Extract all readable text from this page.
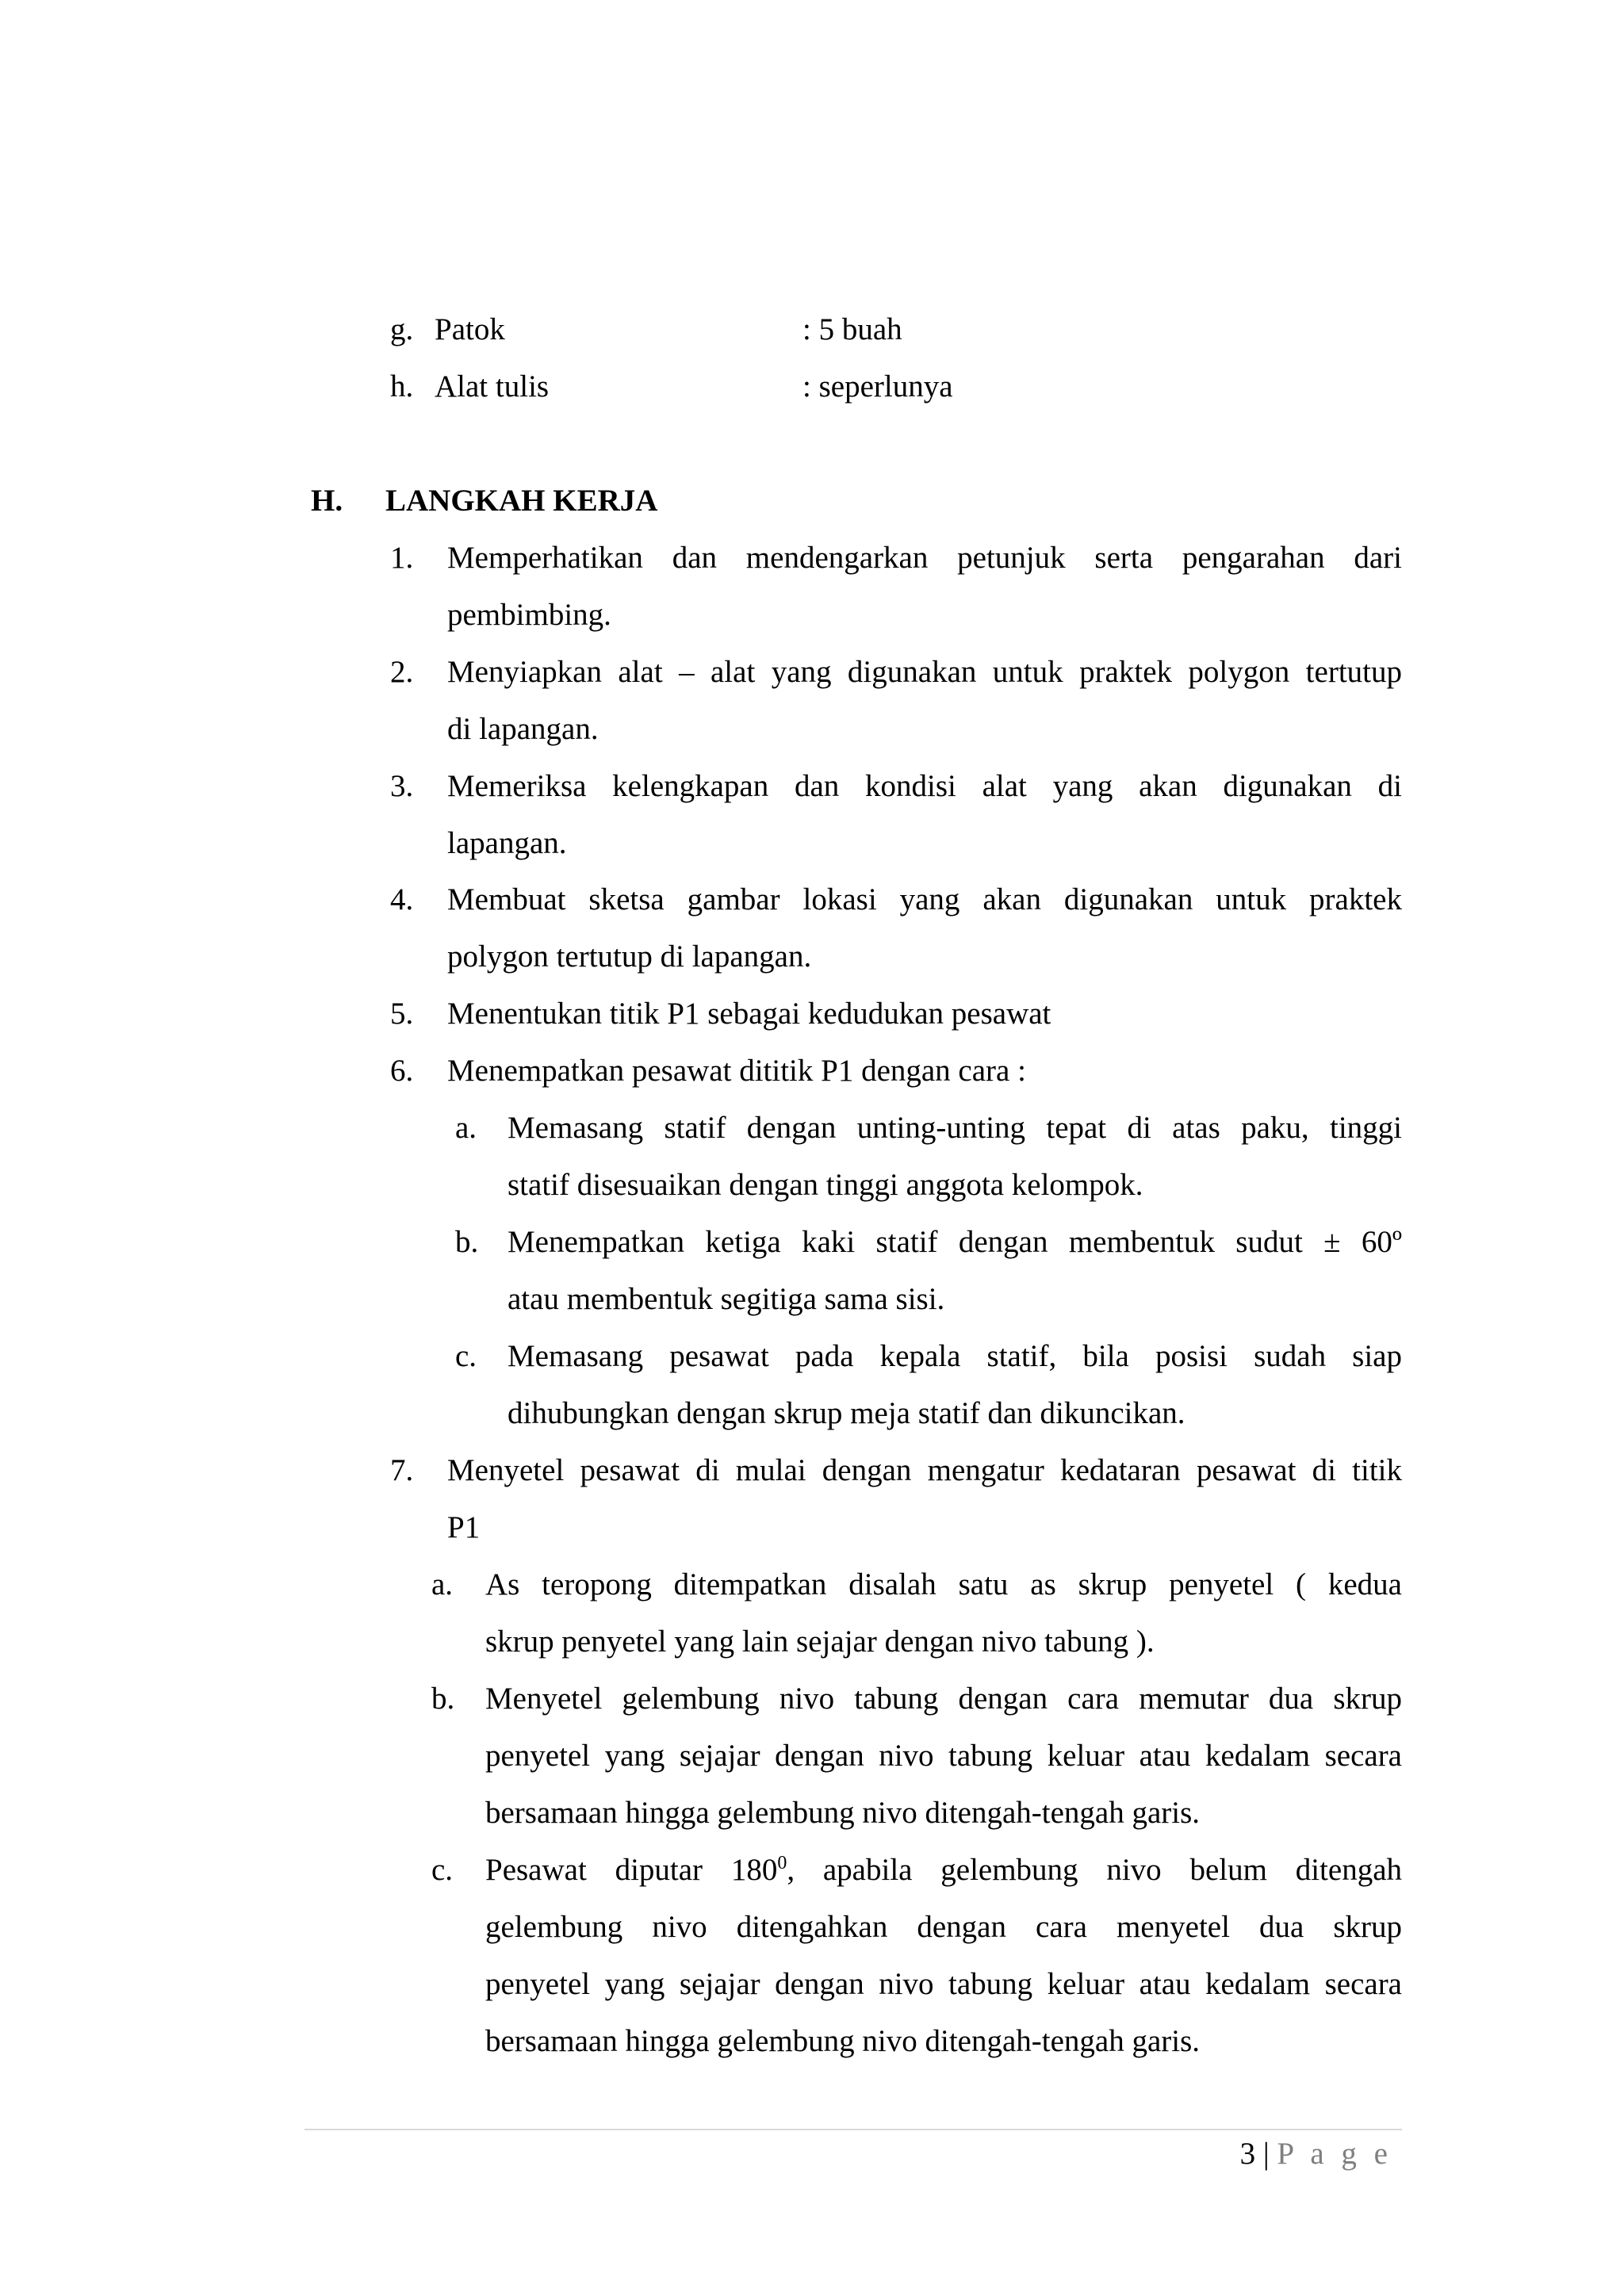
g. Patok	: 5 buah
h. Alat tulis	: seperlunya
H. LANGKAH KERJA
1. Memperhatikan dan mendengarkan petunjuk serta pengarahan dari
pembimbing.
2. Menyiapkan alat – alat yang digunakan untuk praktek polygon tertutup
di lapangan.
3. Memeriksa kelengkapan dan kondisi alat yang akan digunakan di
lapangan.
4. Membuat sketsa gambar lokasi yang akan digunakan untuk praktek
polygon tertutup di lapangan.
5. Menentukan titik P1 sebagai kedudukan pesawat
6. Menempatkan pesawat dititik P1 dengan cara :
a. Memasang statif dengan unting-unting tepat di atas paku, tinggi
statif disesuaikan dengan tinggi anggota kelompok.
b. Menempatkan ketiga kaki statif dengan membentuk sudut ± 60º
atau membentuk segitiga sama sisi.
c. Memasang pesawat pada kepala statif, bila posisi sudah siap
dihubungkan dengan skrup meja statif dan dikuncikan.
7. Menyetel pesawat di mulai dengan mengatur kedataran pesawat di titik
P1
a. As teropong ditempatkan disalah satu as skrup penyetel ( kedua
skrup penyetel yang lain sejajar dengan nivo tabung ).
b. Menyetel gelembung nivo tabung dengan cara memutar dua skrup
penyetel yang sejajar dengan nivo tabung keluar atau kedalam secara
bersamaan hingga gelembung nivo ditengah-tengah garis.
c. Pesawat diputar $180^0$, apabila gelembung nivo belum ditengah
gelembung nivo ditengahkan dengan cara menyetel dua skrup
penyetel yang sejajar dengan nivo tabung keluar atau kedalam secara
bersamaan hingga gelembung nivo ditengah-tengah garis.
3 | P a g e
